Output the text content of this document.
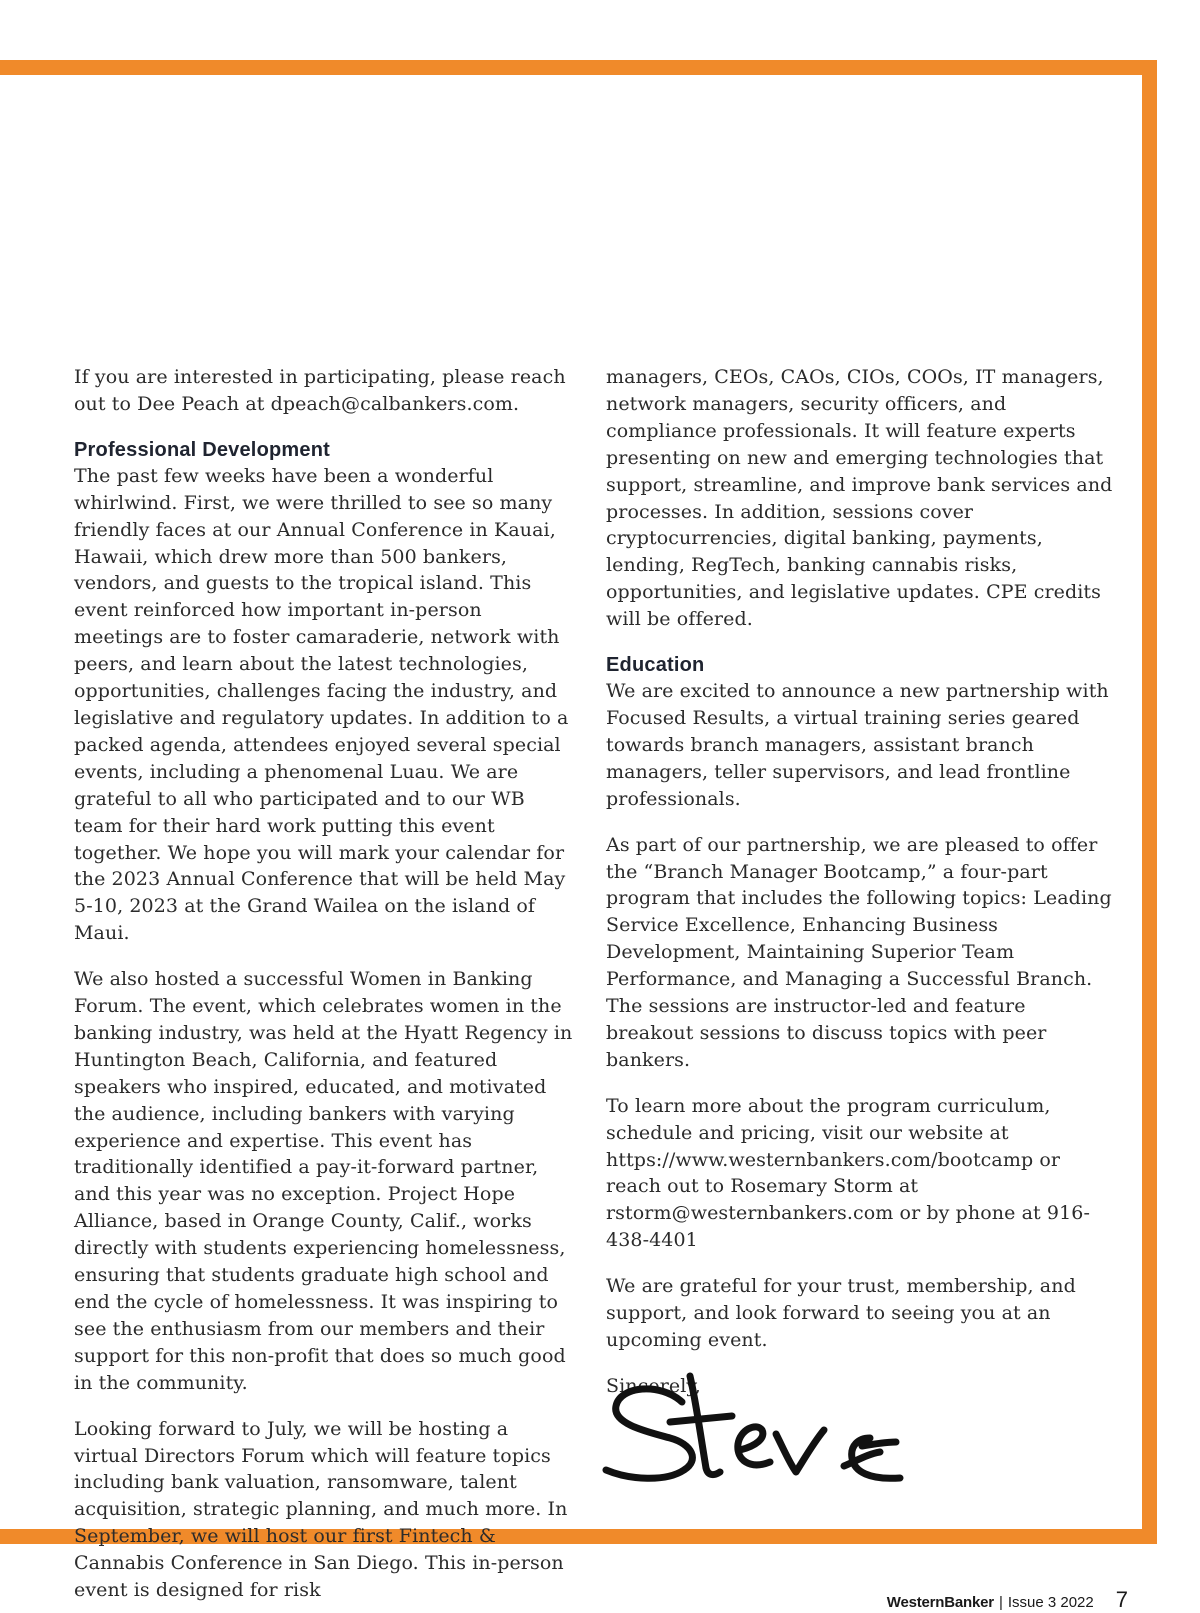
If you are interested in participating, please reach out to Dee Peach at dpeach@calbankers.com.

Professional Development

The past few weeks have been a wonderful whirlwind. First, we were thrilled to see so many friendly faces at our Annual Conference in Kauai, Hawaii, which drew more than 500 bankers, vendors, and guests to the tropical island. This event reinforced how important in-person meetings are to foster camaraderie, network with peers, and learn about the latest technologies, opportunities, challenges facing the industry, and legislative and regulatory updates. In addition to a packed agenda, attendees enjoyed several special events, including a phenomenal Luau. We are grateful to all who participated and to our WB team for their hard work putting this event together. We hope you will mark your calendar for the 2023 Annual Conference that will be held May 5-10, 2023 at the Grand Wailea on the island of Maui.

We also hosted a successful Women in Banking Forum. The event, which celebrates women in the banking industry, was held at the Hyatt Regency in Huntington Beach, California, and featured speakers who inspired, educated, and motivated the audience, including bankers with varying experience and expertise. This event has traditionally identified a pay-it-forward partner, and this year was no exception. Project Hope Alliance, based in Orange County, Calif., works directly with students experiencing homelessness, ensuring that students graduate high school and end the cycle of homelessness. It was inspiring to see the enthusiasm from our members and their support for this non-profit that does so much good in the community.

Looking forward to July, we will be hosting a virtual Directors Forum which will feature topics including bank valuation, ransomware, talent acquisition, strategic planning, and much more. In September, we will host our first Fintech & Cannabis Conference in San Diego. This in-person event is designed for risk

managers, CEOs, CAOs, CIOs, COOs, IT managers, network managers, security officers, and compliance professionals. It will feature experts presenting on new and emerging technologies that support, streamline, and improve bank services and processes. In addition, sessions cover cryptocurrencies, digital banking, payments, lending, RegTech, banking cannabis risks, opportunities, and legislative updates. CPE credits will be offered.

Education

We are excited to announce a new partnership with Focused Results, a virtual training series geared towards branch managers, assistant branch managers, teller supervisors, and lead frontline professionals.

As part of our partnership, we are pleased to offer the “Branch Manager Bootcamp,” a four-part program that includes the following topics: Leading Service Excellence, Enhancing Business Development, Maintaining Superior Team Performance, and Managing a Successful Branch. The sessions are instructor-led and feature breakout sessions to discuss topics with peer bankers.

To learn more about the program curriculum, schedule and pricing, visit our website at https://www.westernbankers.com/bootcamp or reach out to Rosemary Storm at rstorm@westernbankers.com or by phone at 916-438-4401

We are grateful for your trust, membership, and support, and look forward to seeing you at an upcoming event.

Sincerely,

WesternBanker | Issue 3 2022 7
